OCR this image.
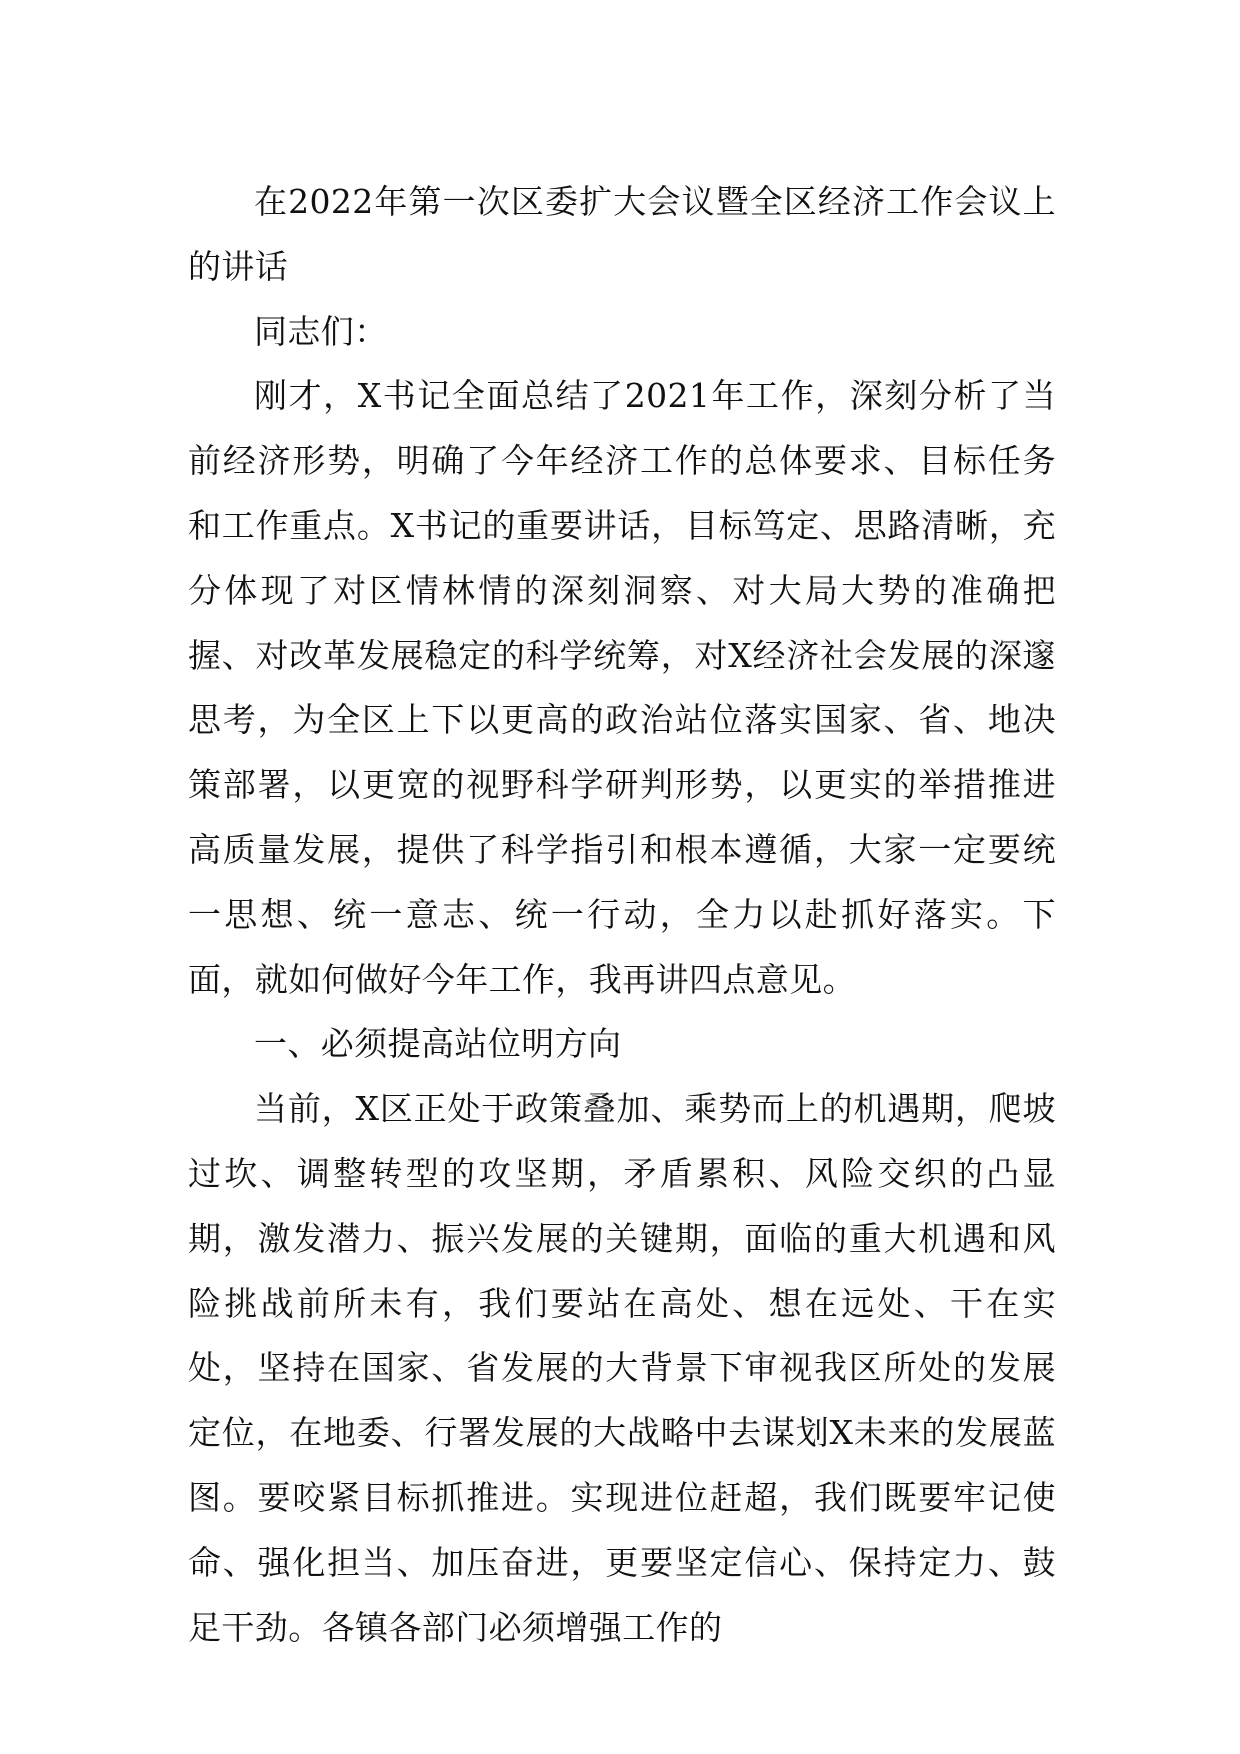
在2022年第一次区委扩大会议暨全区经济工作会议上的讲话

同志们：

刚才，X书记全面总结了2021年工作，深刻分析了当前经济形势，明确了今年经济工作的总体要求、目标任务和工作重点。X书记的重要讲话，目标笃定、思路清晰，充分体现了对区情林情的深刻洞察、对大局大势的准确把握、对改革发展稳定的科学统筹，对X经济社会发展的深邃思考，为全区上下以更高的政治站位落实国家、省、地决策部署，以更宽的视野科学研判形势，以更实的举措推进高质量发展，提供了科学指引和根本遵循，大家一定要统一思想、统一意志、统一行动，全力以赴抓好落实。下面，就如何做好今年工作，我再讲四点意见。

一、必须提高站位明方向

当前，X区正处于政策叠加、乘势而上的机遇期，爬坡过坎、调整转型的攻坚期，矛盾累积、风险交织的凸显期，激发潜力、振兴发展的关键期，面临的重大机遇和风险挑战前所未有，我们要站在高处、想在远处、干在实处，坚持在国家、省发展的大背景下审视我区所处的发展定位，在地委、行署发展的大战略中去谋划X未来的发展蓝图。要咬紧目标抓推进。实现进位赶超，我们既要牢记使命、强化担当、加压奋进，更要坚定信心、保持定力、鼓足干劲。各镇各部门必须增强工作的
